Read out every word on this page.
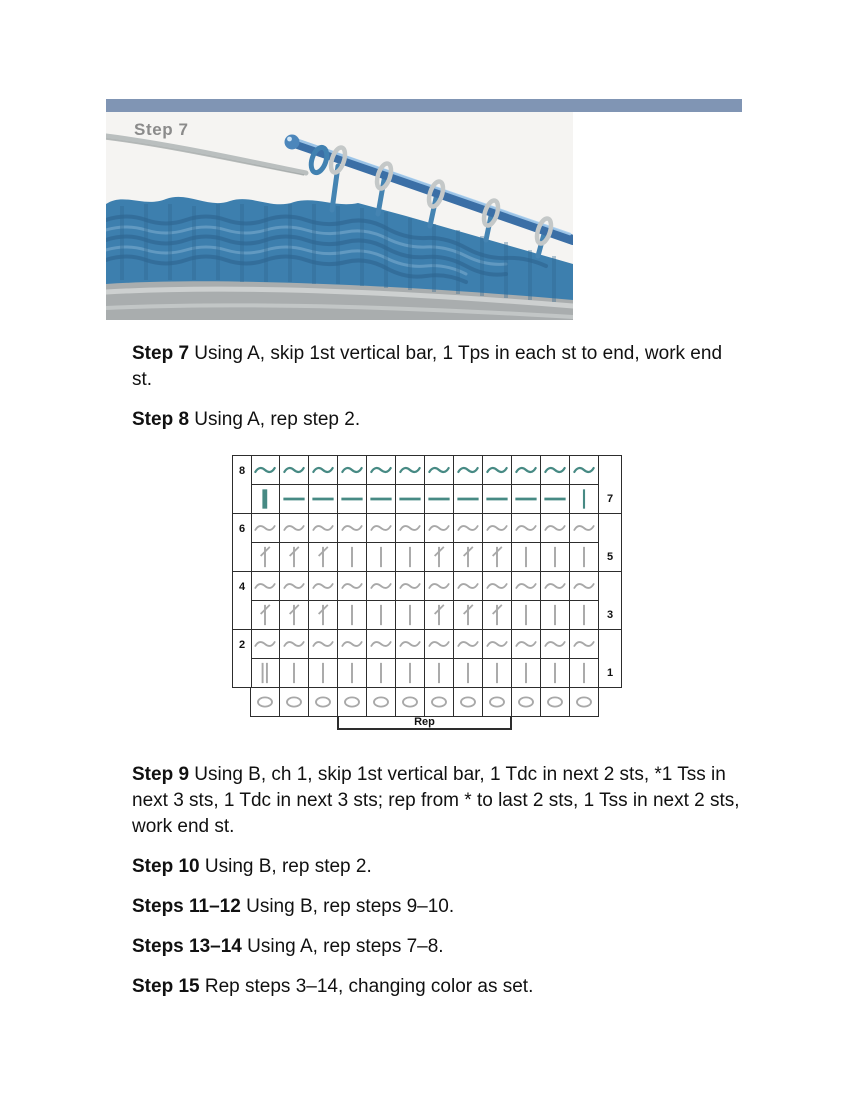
Step 7

Step 7 Using A, skip 1st vertical bar, 1 Tps in each st to end, work end st.

Step 8 Using A, rep step 2.

8
7
6
5
4
3
2
1
Rep

Step 9 Using B, ch 1, skip 1st vertical bar, 1 Tdc in next 2 sts, *1 Tss in next 3 sts, 1 Tdc in next 3 sts; rep from * to last 2 sts, 1 Tss in next 2 sts, work end st.

Step 10 Using B, rep step 2.

Steps 11–12 Using B, rep steps 9–10.

Steps 13–14 Using A, rep steps 7–8.

Step 15 Rep steps 3–14, changing color as set.
